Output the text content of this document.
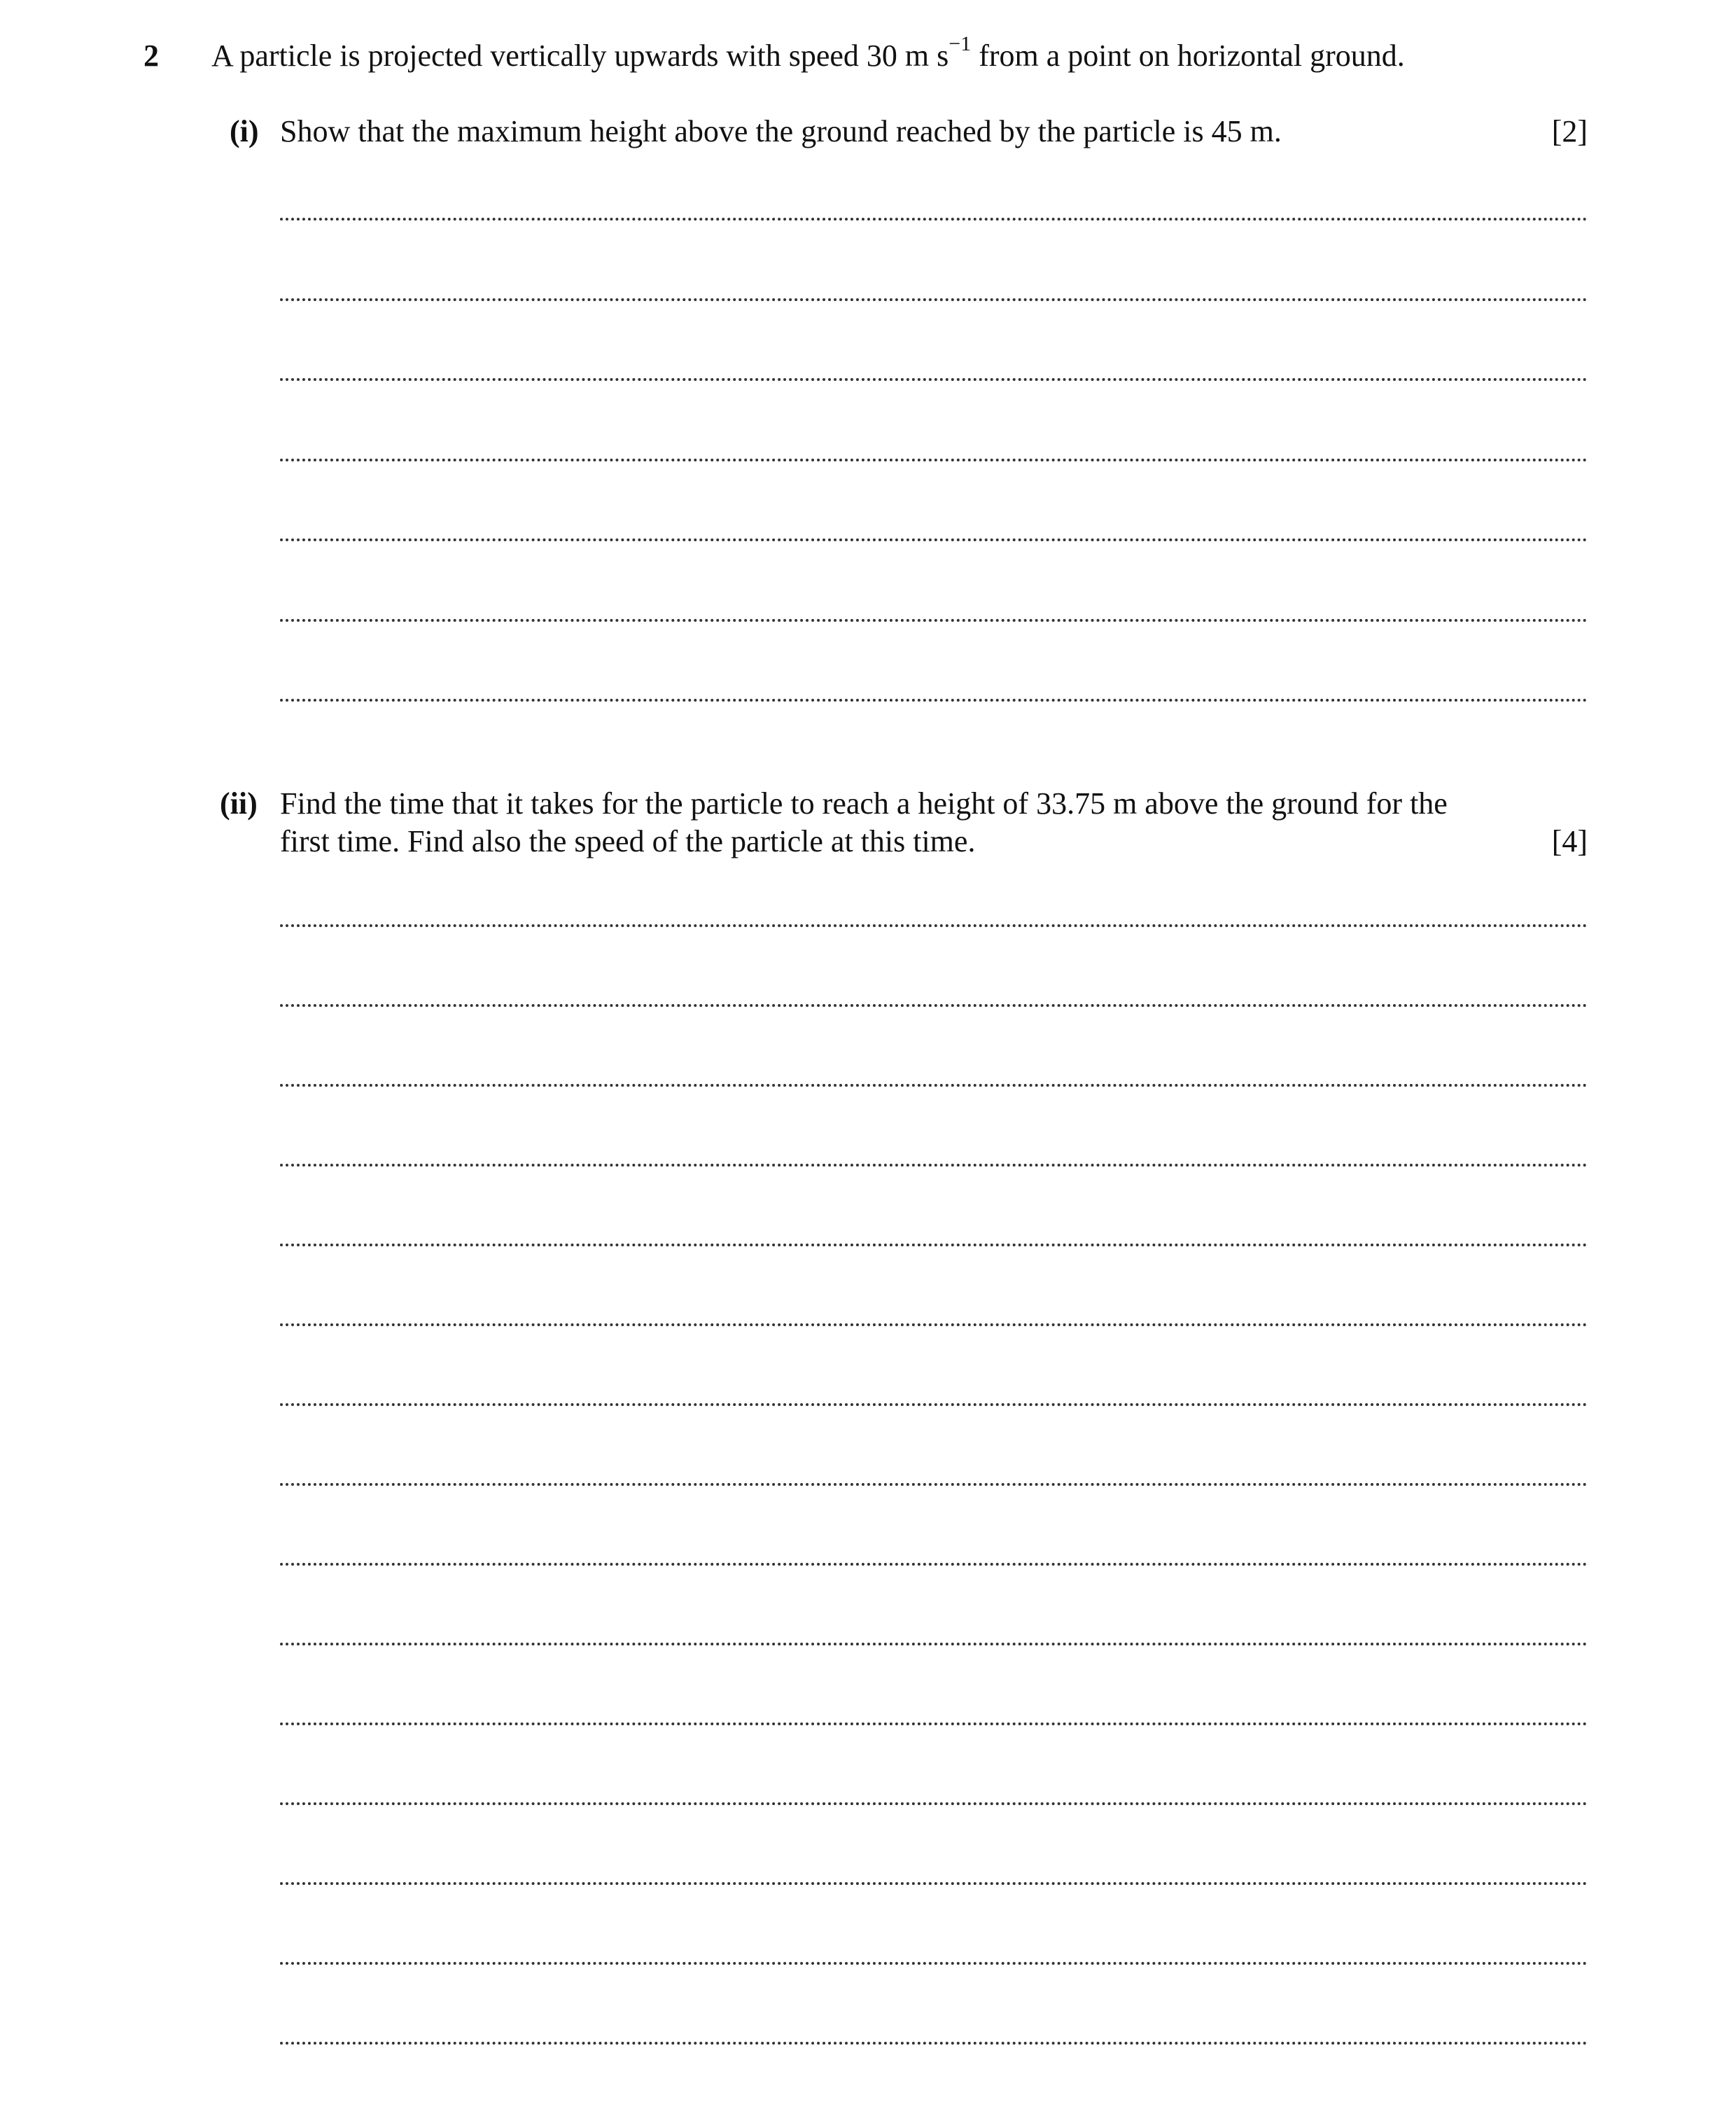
2 A particle is projected vertically upwards with speed 30 m $s^{-1}$ from a point on horizontal ground.
(i) Show that the maximum height above the ground reached by the particle is 45 m.	[2]
(ii) Find the time that it takes for the particle to reach a height of 33.75 m above the ground for the
first time. Find also the speed of the particle at this time.	[4]
